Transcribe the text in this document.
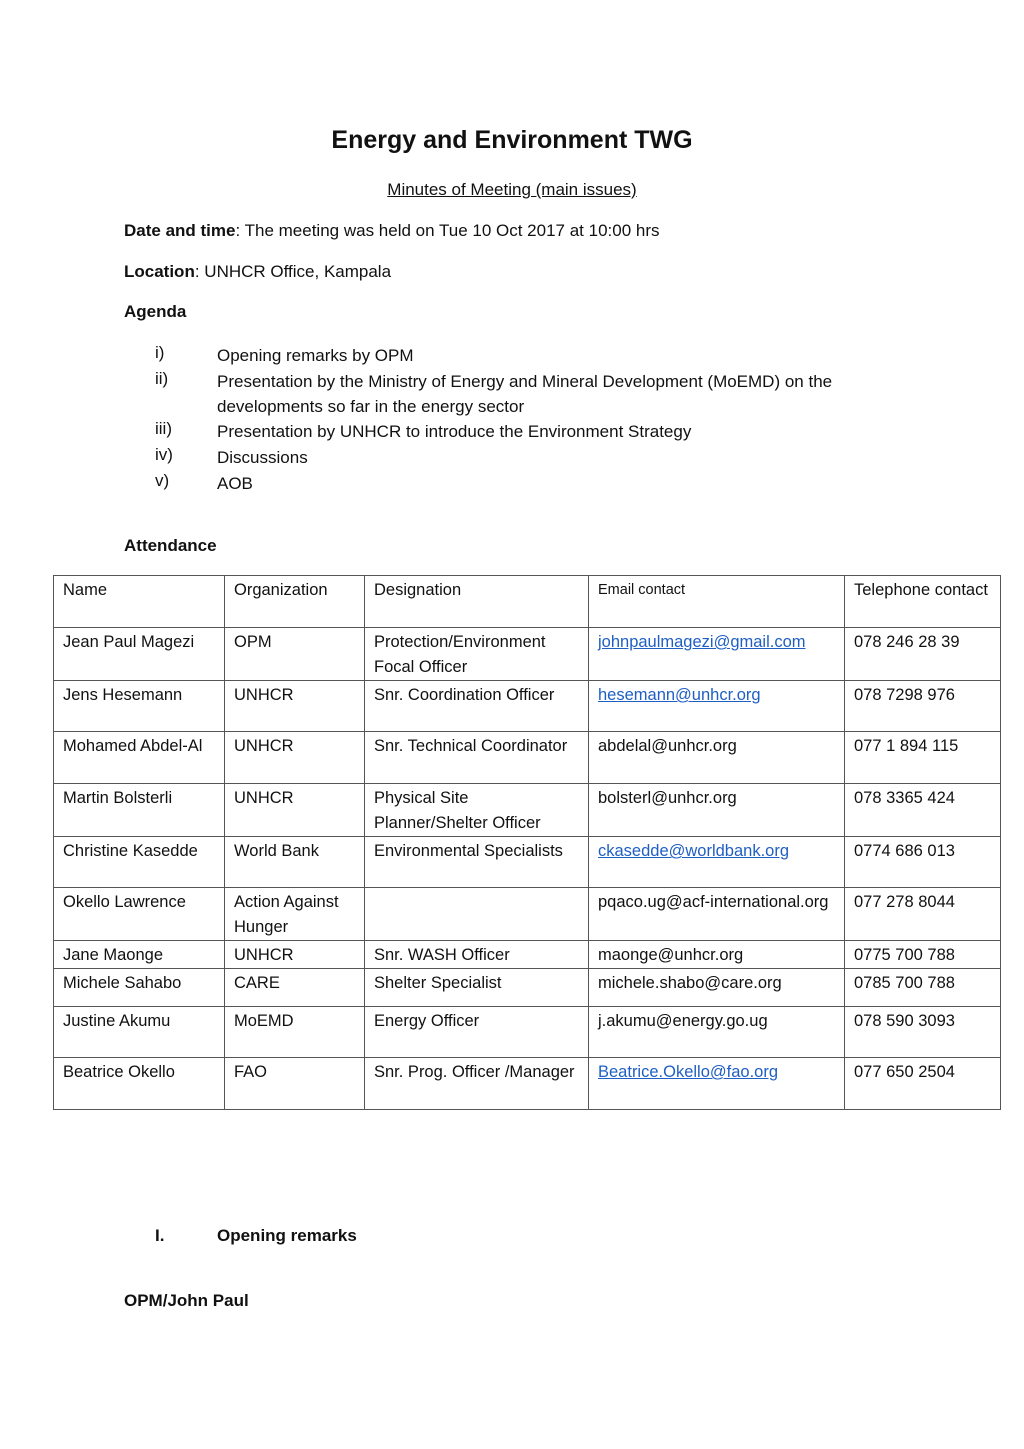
Energy and Environment TWG
Minutes of Meeting (main issues)
Date and time: The meeting was held on Tue 10 Oct 2017 at 10:00 hrs
Location: UNHCR Office, Kampala
Agenda
i)	Opening remarks by OPM
ii)	Presentation by the Ministry of Energy and Mineral Development (MoEMD) on the developments so far in the energy sector
iii)	Presentation by UNHCR to introduce the Environment Strategy
iv)	Discussions
v)	AOB
Attendance
Name	Organization	Designation	Email contact	Telephone contact
Jean Paul Magezi	OPM	Protection/Environment Focal Officer	johnpaulmagezi@gmail.com	078 246 28 39
Jens Hesemann	UNHCR	Snr. Coordination Officer	hesemann@unhcr.org	078 7298 976
Mohamed Abdel-Al	UNHCR	Snr. Technical Coordinator	abdelal@unhcr.org	077 1 894 115
Martin Bolsterli	UNHCR	Physical Site Planner/Shelter Officer	bolsterl@unhcr.org	078 3365 424
Christine Kasedde	World Bank	Environmental Specialists	ckasedde@worldbank.org	0774 686 013
Okello Lawrence	Action Against Hunger		pqaco.ug@acf-international.org	077 278 8044
Jane Maonge	UNHCR	Snr. WASH Officer	maonge@unhcr.org	0775 700 788
Michele Sahabo	CARE	Shelter Specialist	michele.shabo@care.org	0785 700 788
Justine Akumu	MoEMD	Energy Officer	j.akumu@energy.go.ug	078 590 3093
Beatrice Okello	FAO	Snr. Prog. Officer /Manager	Beatrice.Okello@fao.org	077 650 2504
I.	Opening remarks
OPM/John Paul
